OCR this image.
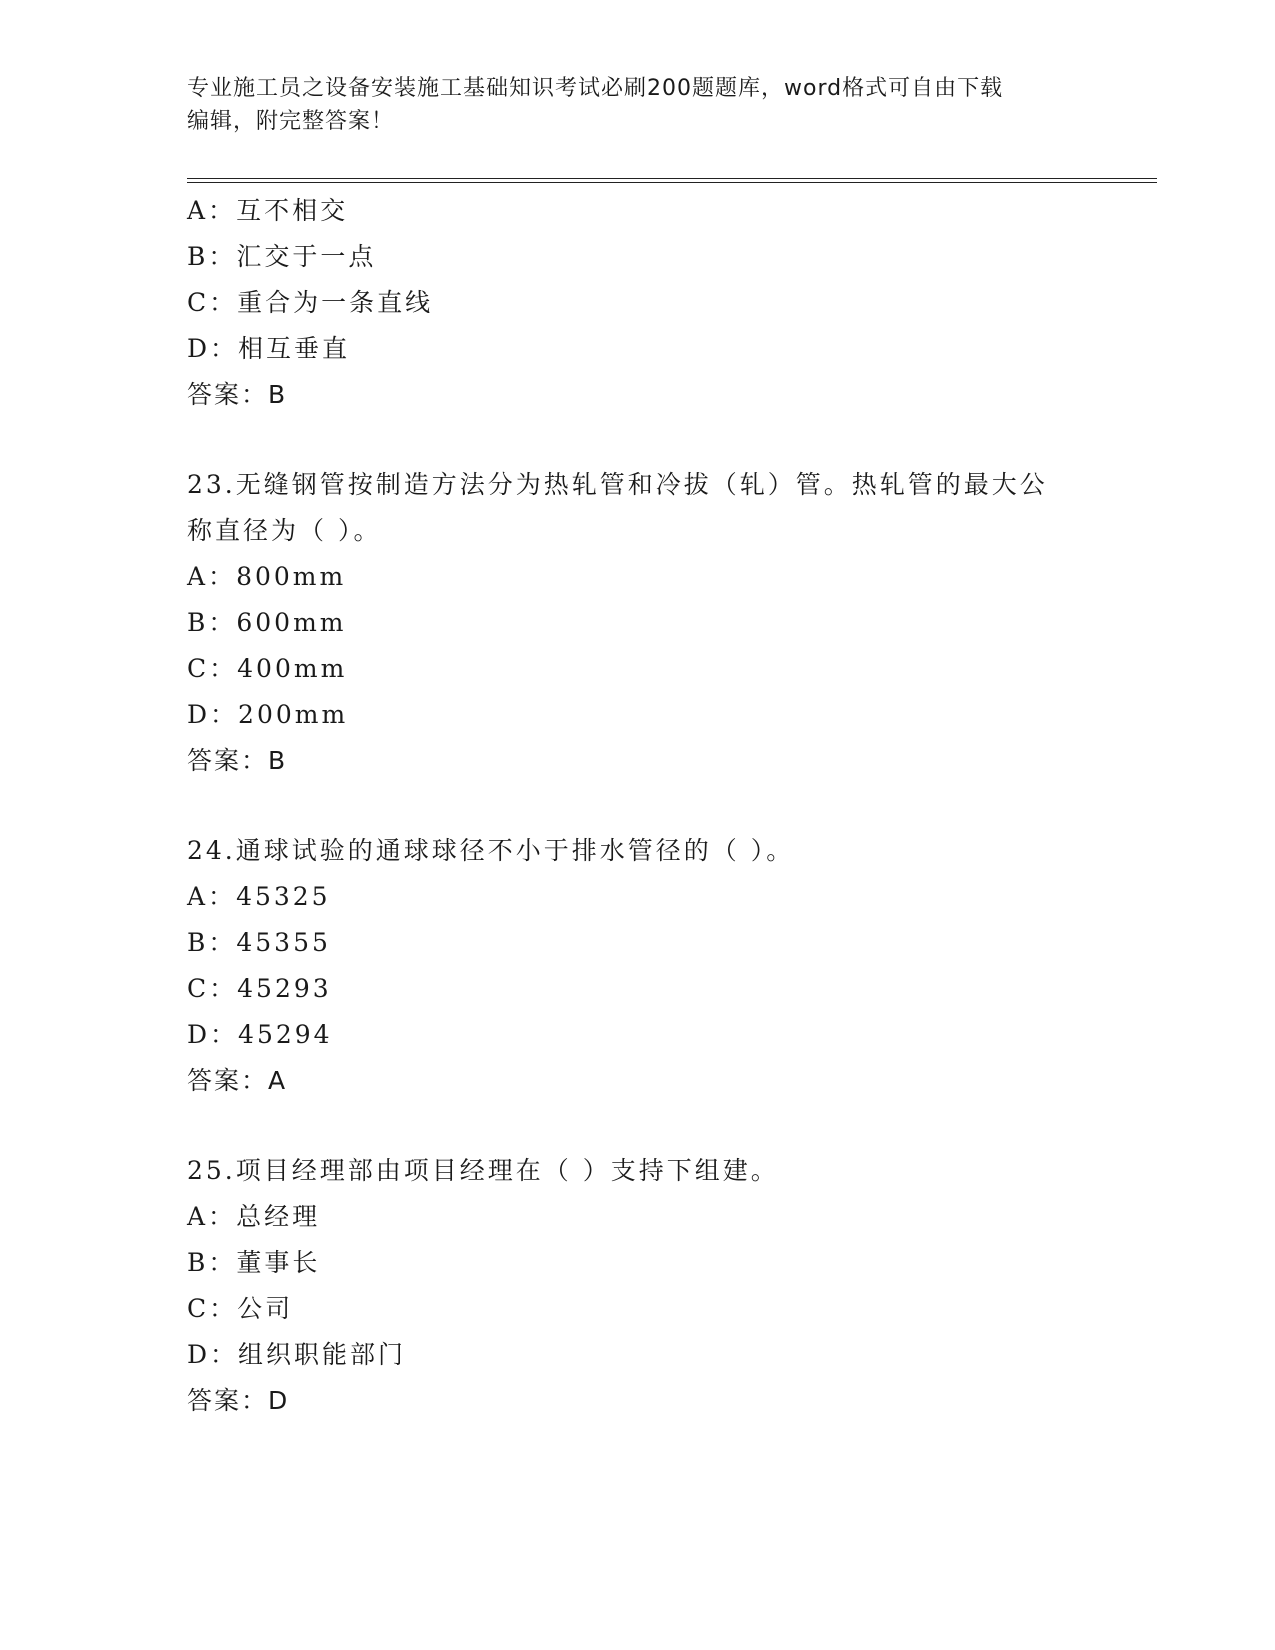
专业施工员之设备安装施工基础知识考试必刷200题题库，word格式可自由下载
编辑，附完整答案！
A：互不相交
B：汇交于一点
C：重合为一条直线
D：相互垂直
答案：B
23.无缝钢管按制造方法分为热轧管和冷拔（轧）管。热轧管的最大公
称直径为（ ）。
A：800mm
B：600mm
C：400mm
D：200mm
答案：B
24.通球试验的通球球径不小于排水管径的（ ）。
A：45325
B：45355
C：45293
D：45294
答案：A
25.项目经理部由项目经理在（ ）支持下组建。
A：总经理
B：董事长
C：公司
D：组织职能部门
答案：D
